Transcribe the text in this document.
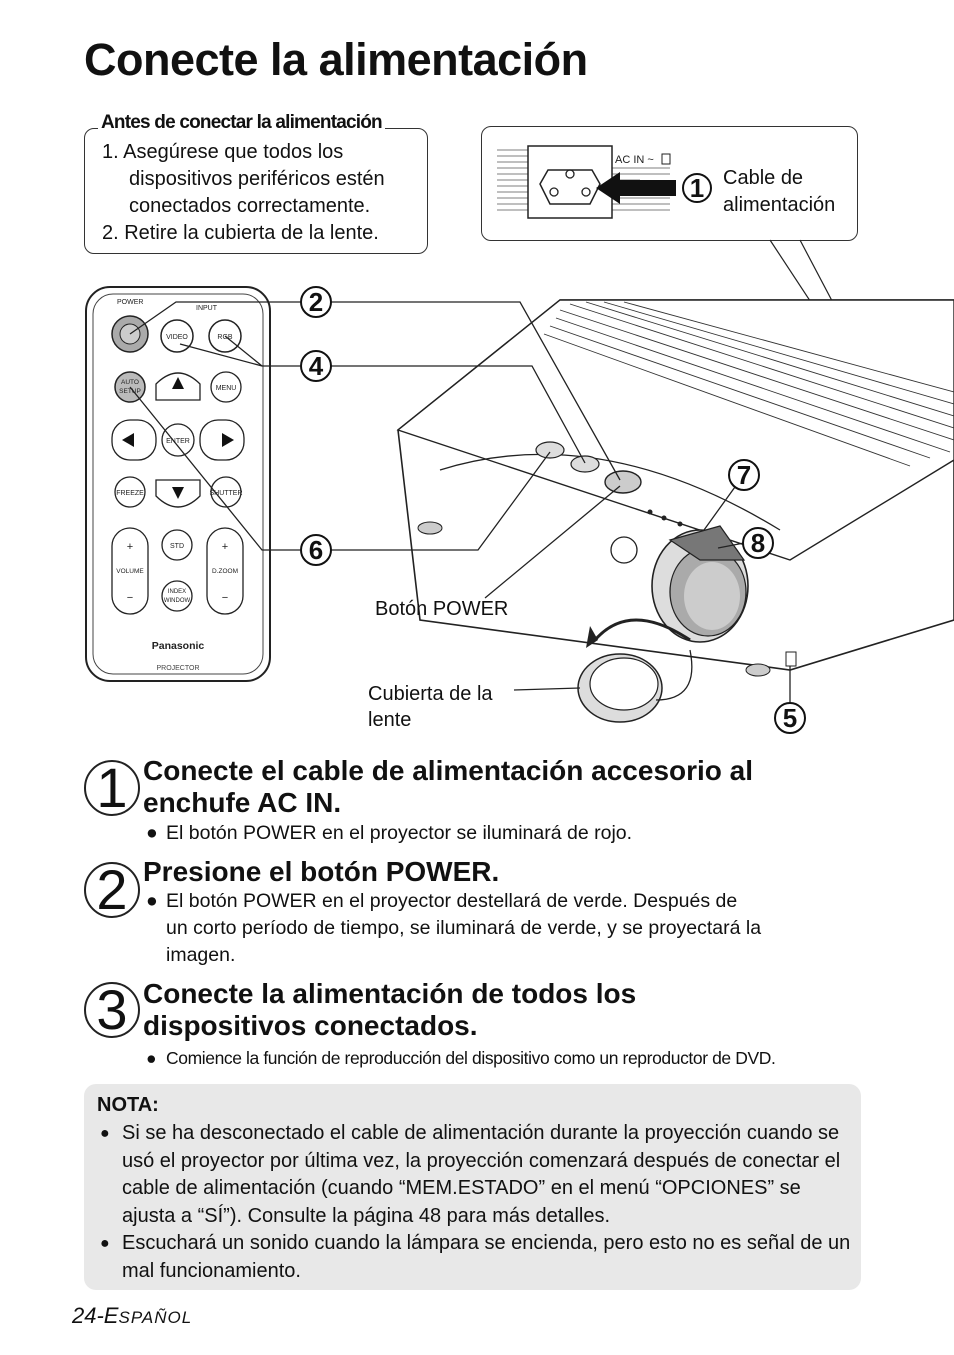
Conecte la alimentación
Antes de conectar la alimentación
1. Asegúrese que todos los
dispositivos periféricos estén
conectados correctamente.
2. Retire la cubierta de la lente.
Cable de
alimentación
AC IN ~
1
POWER
INPUT
VIDEO	RGB
AUTO
SETUP	MENU
ENTER
FREEZE	SHUTTER
+
VOLUME
−
STD
INDEX
WINDOW
+
D.ZOOM
−
Panasonic
PROJECTOR
2
4
6
7
8
5
Botón POWER
Cubierta de la
lente
1 Conecte el cable de alimentación accesorio al
enchufe AC IN.
● El botón POWER en el proyector se iluminará de rojo.
2 Presione el botón POWER.
● El botón POWER en el proyector destellará de verde. Después de
un corto período de tiempo, se iluminará de verde, y se proyectará la
imagen.
3 Conecte la alimentación de todos los
dispositivos conectados.
● Comience la función de reproducción del dispositivo como un reproductor de DVD.
NOTA:
● Si se ha desconectado el cable de alimentación durante la proyección cuando se usó el proyector por última vez, la proyección comenzará después de conectar el cable de alimentación (cuando “MEM.ESTADO” en el menú “OPCIONES” se ajusta a “SÍ”). Consulte la página 48 para más detalles.
● Escuchará un sonido cuando la lámpara se encienda, pero esto no es señal de un mal funcionamiento.
24-ESPAÑOL
